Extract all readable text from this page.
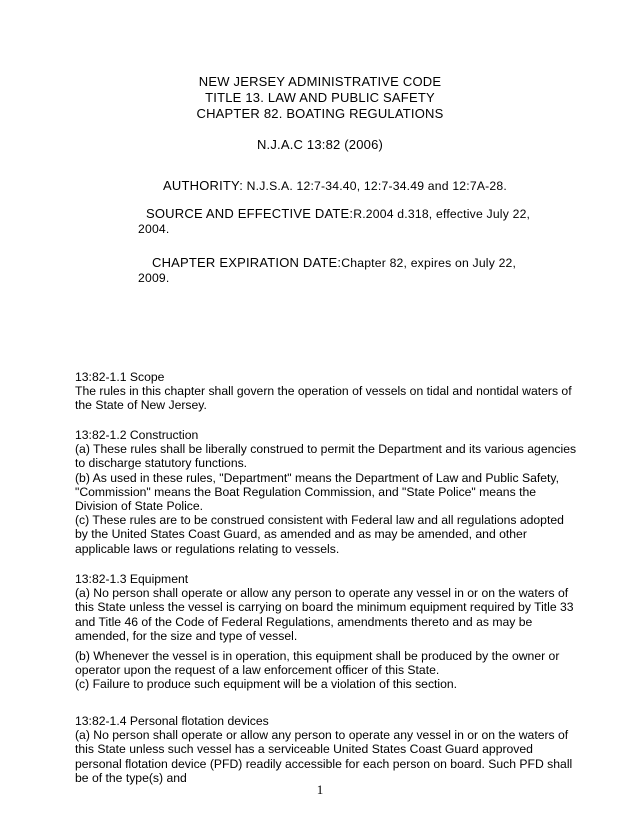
NEW JERSEY ADMINISTRATIVE CODE
TITLE 13. LAW AND PUBLIC SAFETY
CHAPTER 82. BOATING REGULATIONS
N.J.A.C 13:82 (2006)
AUTHORITY: N.J.S.A. 12:7-34.40, 12:7-34.49 and 12:7A-28.
SOURCE AND EFFECTIVE DATE:R.2004 d.318, effective July 22,
2004.
CHAPTER EXPIRATION DATE:Chapter 82, expires on July 22,
2009.
13:82-1.1 Scope
The rules in this chapter shall govern the operation of vessels on tidal and nontidal waters of the State of New Jersey.
13:82-1.2 Construction
(a) These rules shall be liberally construed to permit the Department and its various agencies to discharge statutory functions.
(b) As used in these rules, "Department" means the Department of Law and Public Safety, "Commission" means the Boat Regulation Commission, and "State Police" means the Division of State Police.
(c) These rules are to be construed consistent with Federal law and all regulations adopted by the United States Coast Guard, as amended and as may be amended, and other applicable laws or regulations relating to vessels.
13:82-1.3 Equipment
(a) No person shall operate or allow any person to operate any vessel in or on the waters of this State unless the vessel is carrying on board the minimum equipment required by Title 33 and Title 46 of the Code of Federal Regulations, amendments thereto and as may be amended, for the size and type of vessel.
(b) Whenever the vessel is in operation, this equipment shall be produced by the owner or operator upon the request of a law enforcement officer of this State.
(c) Failure to produce such equipment will be a violation of this section.
13:82-1.4 Personal flotation devices
(a) No person shall operate or allow any person to operate any vessel in or on the waters of this State unless such vessel has a serviceable United States Coast Guard approved personal flotation device (PFD) readily accessible for each person on board. Such PFD shall be of the type(s) and
1
